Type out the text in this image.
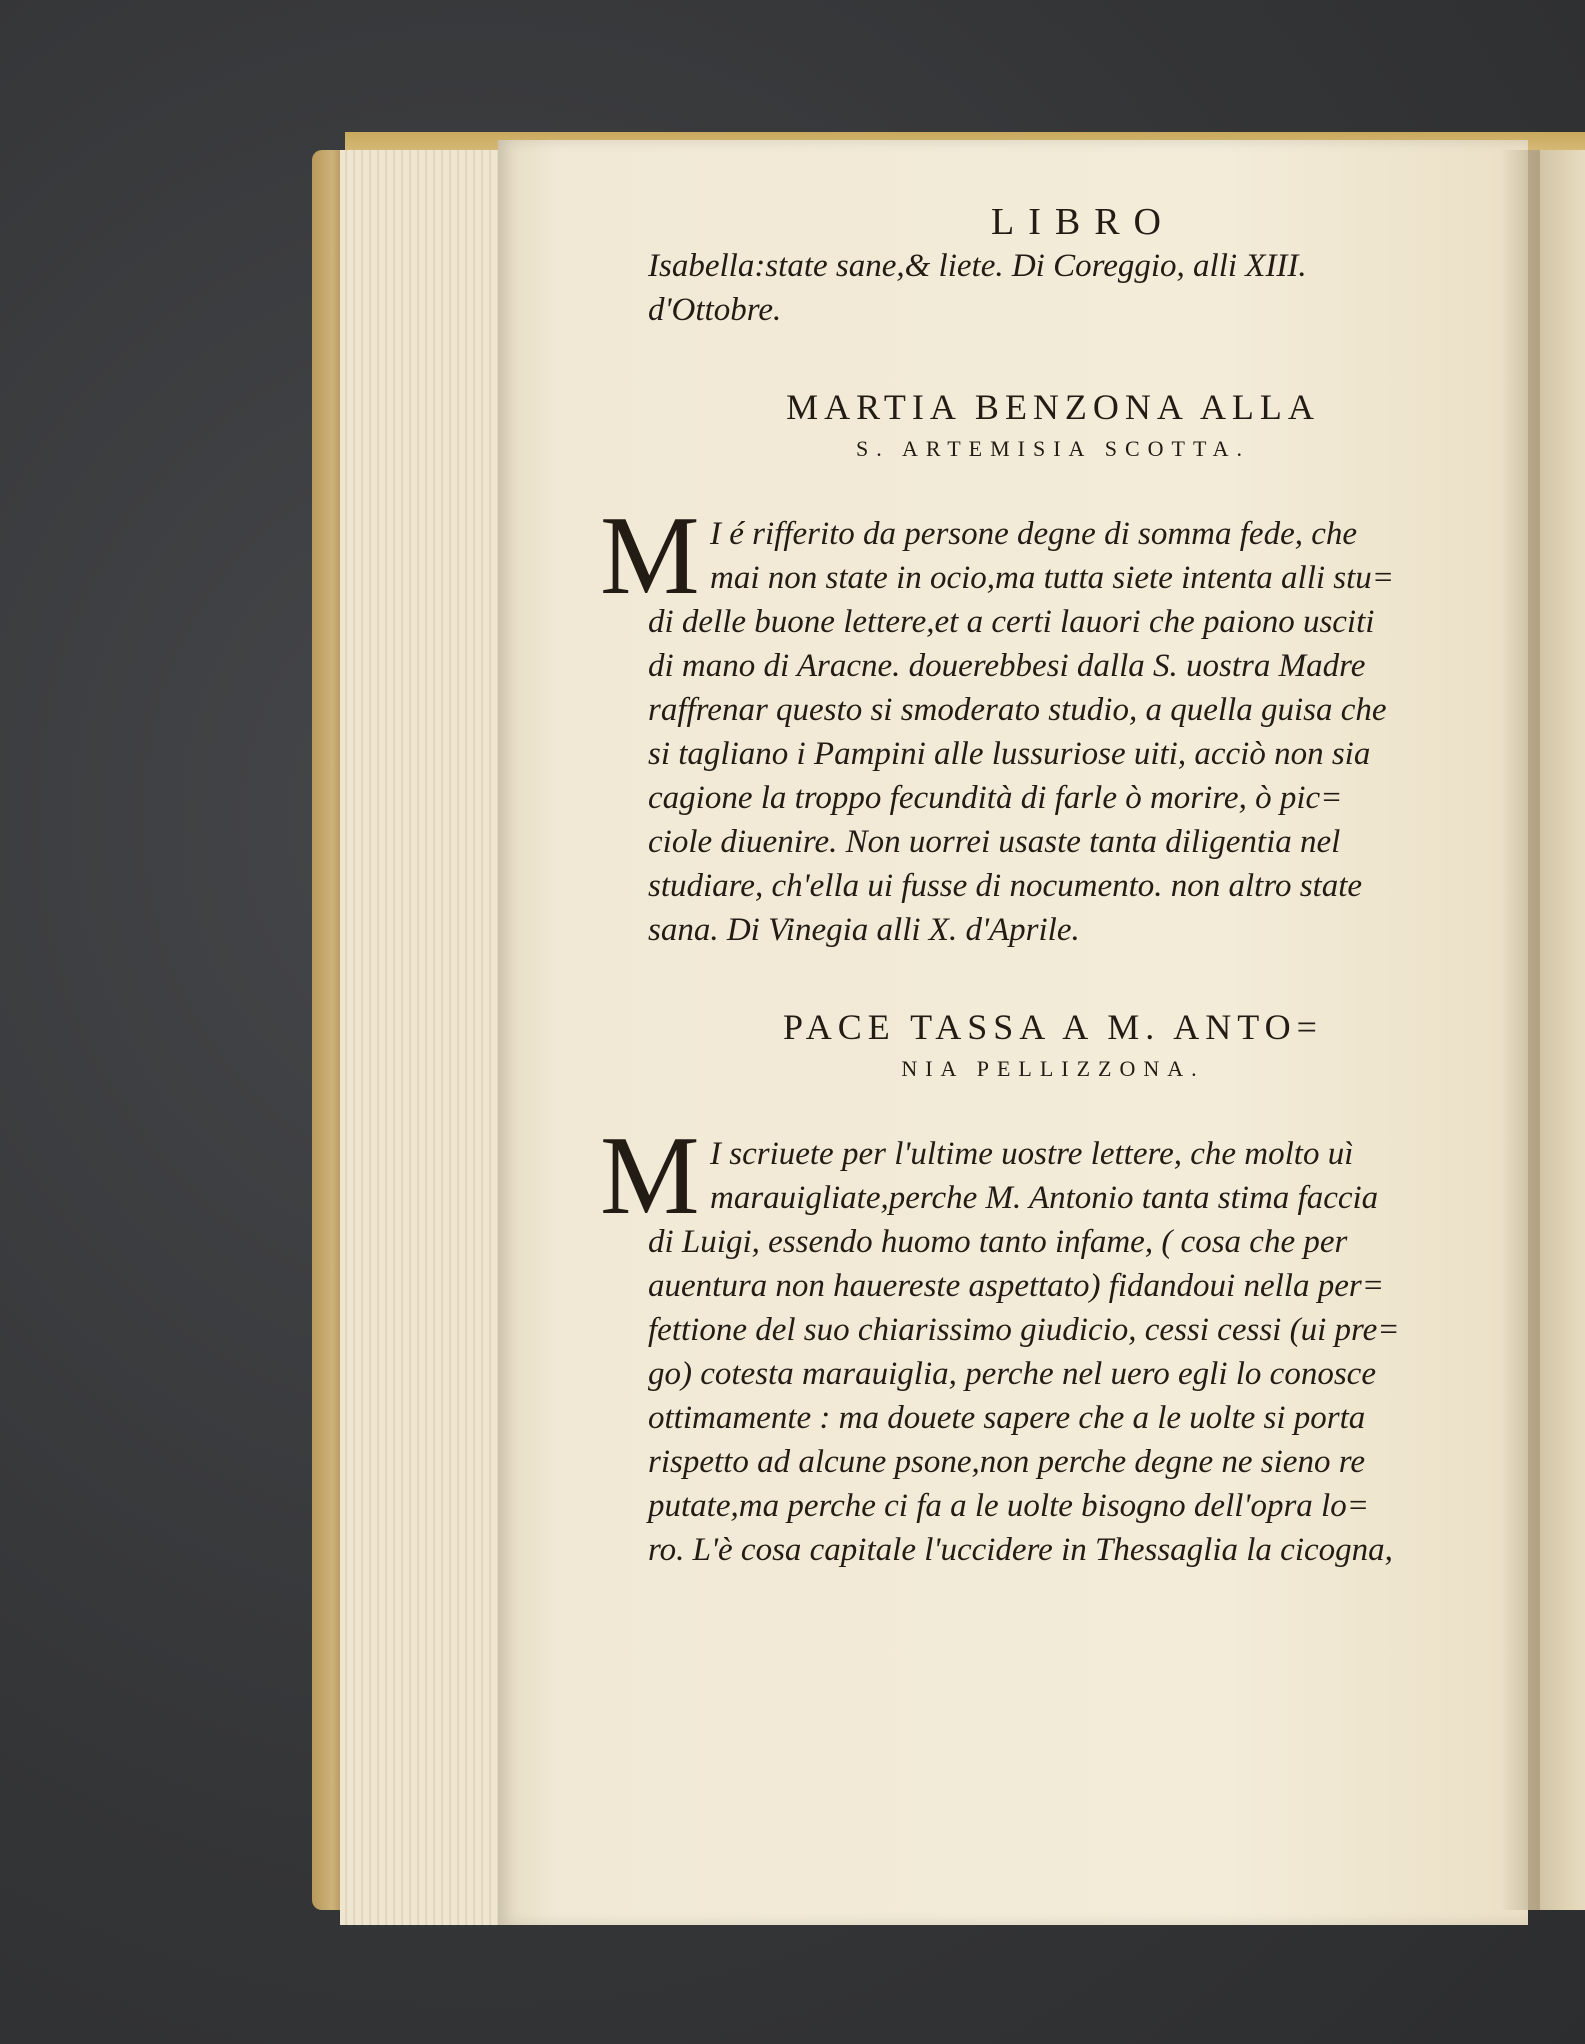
LIBRO
Isabella:state sane,& liete. Di Coreggio, alli XIII.
d'Ottobre.
MARTIA BENZONA ALLA
S. ARTEMISIA SCOTTA.
M I é rifferito da persone degne di somma fede, che
mai non state in ocio,ma tutta siete intenta alli stu=
di delle buone lettere,et a certi lauori che paiono usciti
di mano di Aracne. douerebbesi dalla S. uostra Madre
raffrenar questo si smoderato studio, a quella guisa che
si tagliano i Pampini alle lussuriose uiti, acciò non sia
cagione la troppo fecundità di farle ò morire, ò pic=
ciole diuenire. Non uorrei usaste tanta diligentia nel
studiare, ch'ella ui fusse di nocumento. non altro state
sana. Di Vinegia alli X. d'Aprile.
PACE TASSA A M. ANTO=
NIA PELLIZZONA.
M I scriuete per l'ultime uostre lettere, che molto uì
marauigliate,perche M. Antonio tanta stima faccia
di Luigi, essendo huomo tanto infame, ( cosa che per
auentura non hauereste aspettato) fidandoui nella per=
fettione del suo chiarissimo giudicio, cessi cessi (ui pre=
go) cotesta marauiglia, perche nel uero egli lo conosce
ottimamente : ma douete sapere che a le uolte si porta
rispetto ad alcune psone,non perche degne ne sieno re
putate,ma perche ci fa a le uolte bisogno dell'opra lo=
ro. L'è cosa capitale l'uccidere in Thessaglia la cicogna,
